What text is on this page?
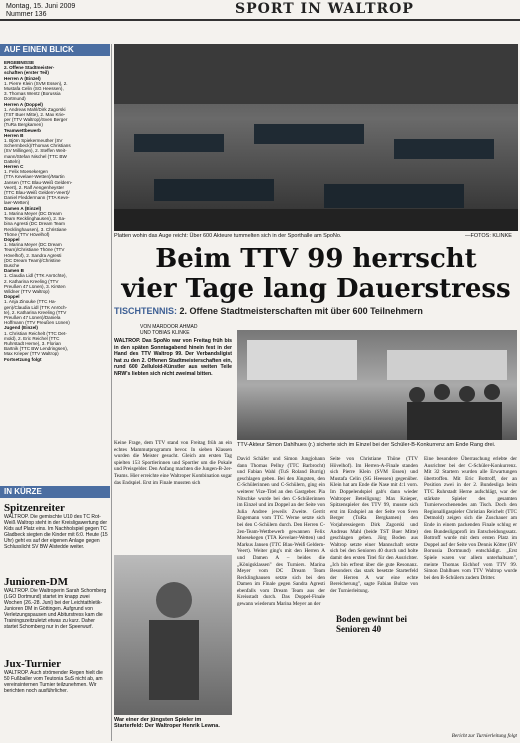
Montag, 15. Juni 2009
Nummer 136	SPORT IN WALTROP
AUF EINEN BLICK
ERGEBNISSE
2. Offene Stadtmeister-
schaften (erster Teil)
Herren A (Einzel)
1. Pierre Klein (SVM Essen), 2.
Mustafa Celin (SG Heessen),
3. Thomas Wentz (Borussia
Dortmund)
Herren A (Doppel)
1. Andreas Mahl/Dirk Zagorski
(TST Buer Mitte), 2. Max Krie-
per (TTV Waltrop)/Sven Berger
(TuRa Bergkamen)
Teamwettbewerb
Herren B
1. Björn Spiekermeuther (SV
Schermbeck)/Thomas Christians
(SV Millingen), 2. Steffen Weit-
mann/Stefan Nischel (TTC BW
Datteln)
Herren C
1. Felix Moesekergen
(TTA Kevelaer-Wetten)/Martin
Jansen (TTC Blau-Weiß Geldern-
Veert), 2. Ralf Aengenheyster
(TTC Blau-Weiß Geldern-Veert)/
Daniel Fleddermann (TTA Keve-
laer-Wetten)
Damen A (Einzel)
1. Marina Meyer (DC Dream
Team Recklinghausen), 2. Sa-
bina Agresti (DC Dream Team
Recklinghausen), 3. Christiane
Thöne (TTV Hövelhof)
Doppel
1. Marina Meyer (DC Dream
Team)/Christiane Thöne (TTV
Hövelhof), 2. Sandra Agresti
(DC Dream Team)/Christine
Busche
Damen B
1. Claudia Lidl (TTK Anröchte),
2. Katharina Kreeling (TTV
Preußen 47 Lünen), 3. Kirsten
Wildner (TTV Waltrop)
Doppel
1. Anja Zinouke (TTC Ha-
gen)/Claudia Lidl (TTK Anröch-
te), 2. Katharina Kreeling (TTV
Preußen 47 Lünen)/Daniela
Hoffmann (TTV Preußen Lünen)
Jugend (Einzel)
1. Christian Reichelt (TTC Det-
mold), 2. Eric Reichel (TTC
Ruhrstadt Herne), 3. Florian
Bartnik (TTC BW Lendringsen),
Max Krieper (TTV Waltrop)
Fortsetzung folgt
IN KÜRZE
Spitzenreiter
WALTROP. Die gemischte U10 des TC Rot-Weiß Waltrop steht in der Kreisligawertung der Kids auf Platz eins. Im Nachholspiel gegen TC Gladbeck siegten die Kinder mit 6:0. Heute (15 Uhr) geht es auf der eigenen Anlage gegen Schlusslicht SV BW Alstedde weiter.
Junioren-DM
WALTROP. Die Waltroperin Sarah Schomberg (LGO Dortmund) startet im knapp zwei Wochen (26.-28. Juni) bei der Leichtathletik-Junioren DM in Göttingen. Aufgrund von Verletzungspausen und Abiturstress kam die Trainingszeitzuletzt etwas zu kurz. Daher startet Schomberg nur in der Speerwurf.
Jux-Turnier
WALTROP. Auch strömender Regen hielt die 50 Fußballer vom Teutonia SuS nicht ab, am vereinsinternen Turnier teilzunehmen. Wir berichten noch ausführlicher.
Platten wohin das Auge reicht: Über 600 Akteure tummelten sich in der Sporthalle am SpoNo.	—FOTOS: KLINKE
Beim TTV 99 herrscht
vier Tage lang Dauerstress
TISCHTENNIS: 2. Offene Stadtmeisterschaften mit über 600 Teilnehmern
VON MARDOOR AHMAD
UND TOBIAS KLINKE
WALTROP. Das SpoNo war von Freitag früh bis in den späten Sonntagabend hinein fest in der Hand des TTV Waltrop 99. Der Verbandsligist hat zu den 2. Offenen Stadtmeisterschaften ein, rund 600 Zelluloid-Künstler aus weiten Teile NRW's liebten sich nicht zweimal bitten.
TTV-Akteur Simon Dahlhues (r.) sicherte sich im Einzel bei der Schüler-B-Konkurrenz am Ende Rang drei.
Keine Frage, dem TTV stand von Freitag früh an ein echtes Mammutprogramm bevor. In sieben Klassen wurden die Meister gesucht. Gleich am ersten Tag spielten 153 Sportlerinnen und Sportler um die Pokale und Preisgelder. Den Anfang machten die Jungen-B-2er-Teams. Hier erreichte eine Waltroper Kombination sogar das Endspiel. Erst im Finale mussten sich
War einer der jüngsten Spieler im Starterfeld: Der Waltroper Henrik Lewna.
David Schäfer und Simon Jungjohann dann Thomas Pellny (TTC Barbrocht) und Fabian Wahl (TuS Roland Burrig) geschlagen geben. Bei den Jüngsten, den C-Schülerinnen und C-Schülern, ging ein weiterer Vize-Titel an den Gastgeber. Pia Nitschke wurde bei den C-Schülerinnen im Einzel und im Doppel an der Seite von Julia Andree jeweils Zweite. Gerrit Engemann vom TTC Werne setzte sich bei den C-Schülern durch. Den Herren C-2en-Team-Wettbewerb gewannen Felix Moesekegen (TTA Kevelaer-Wetten) und Markus Jansen (TTC Blau-Weiß Geldern-Veert). Weiter ging's mit den Herren A und Damen A – beides die „Königsklassen" des Turniers. Marina Meyer vom DC Dream Team Recklinghausen setzte sich bei den Damen im Finale gegen Sandra Agresti ebenfalls vom Dream Team aus der Kreisstadt durch. Das Doppel-Finale gewann wiederum Marina Meyer an der
Seite von Christiane Thöne (TTV Hövelhof). Im Herren-A-Finale standen sich Pierre Klein (SVM Essen) und Mustafa Celin (SG Heessen) gegenüber. Klein hat am Ende die Nase mit 4:1 vorn. Im Doppelendspiel gab's dann wieder Waltroper Beteiligung: Max Knieper, Spitzenspieler des TTV 99, musste sich erst im Endspiel an der Seite von Sven Berger (TuRa Bergkamen) den Vorjahressiegern Dirk Zagorski und Andreas Mahl (beide TST Buer Mitte) geschlagen geben. Jörg Boden aus Waltrop setzte einer Mannschaft setzte sich bei den Senioren 40 durch und holte damit den ersten Titel für den Ausrichter. „Ich bin erfreut über die gute Resonanz. Besonders das stark besetzte Starterfeld der Herren A war eine echte Bereicherung", sagte Fabian Bultze von der Turnierleitung.
Boden gewinnt bei Senioren 40
Eine besondere Überraschung erlebte der Ausrichter bei der C-Schüler-Konkurrenz. Mit 32 Startern wurden alle Erwartungen übertroffen. Mit Eric Bottroff, der an Position zwei in der 2. Bundesliga beim TTC Ruhrstadt Herne aufschlägt, war der stärkste Spieler des gesamten Turnierwochenendes am Tisch. Doch den Regionalligaspieler Christian Reichelt (TTC Detmold) zeigen sich die Zuschauer am Ende in einem packenden Finale schlug er den Bundesligaprofi im Entscheidungssatz. Bottroff wurde mit dem ersten Platz im Doppel auf der Seite von Dennis Kötter (BV Borussia Dortmund) entschädigt. „Erst Spiele waren vor allem unterhaltsam", meinte Thomas Eichhof vom TTV 99. Simon Dahlhues vom TTV Waltrop wurde bei den B-Schülern zudem Dritter.
Bericht zur Turnierleitung folgt
